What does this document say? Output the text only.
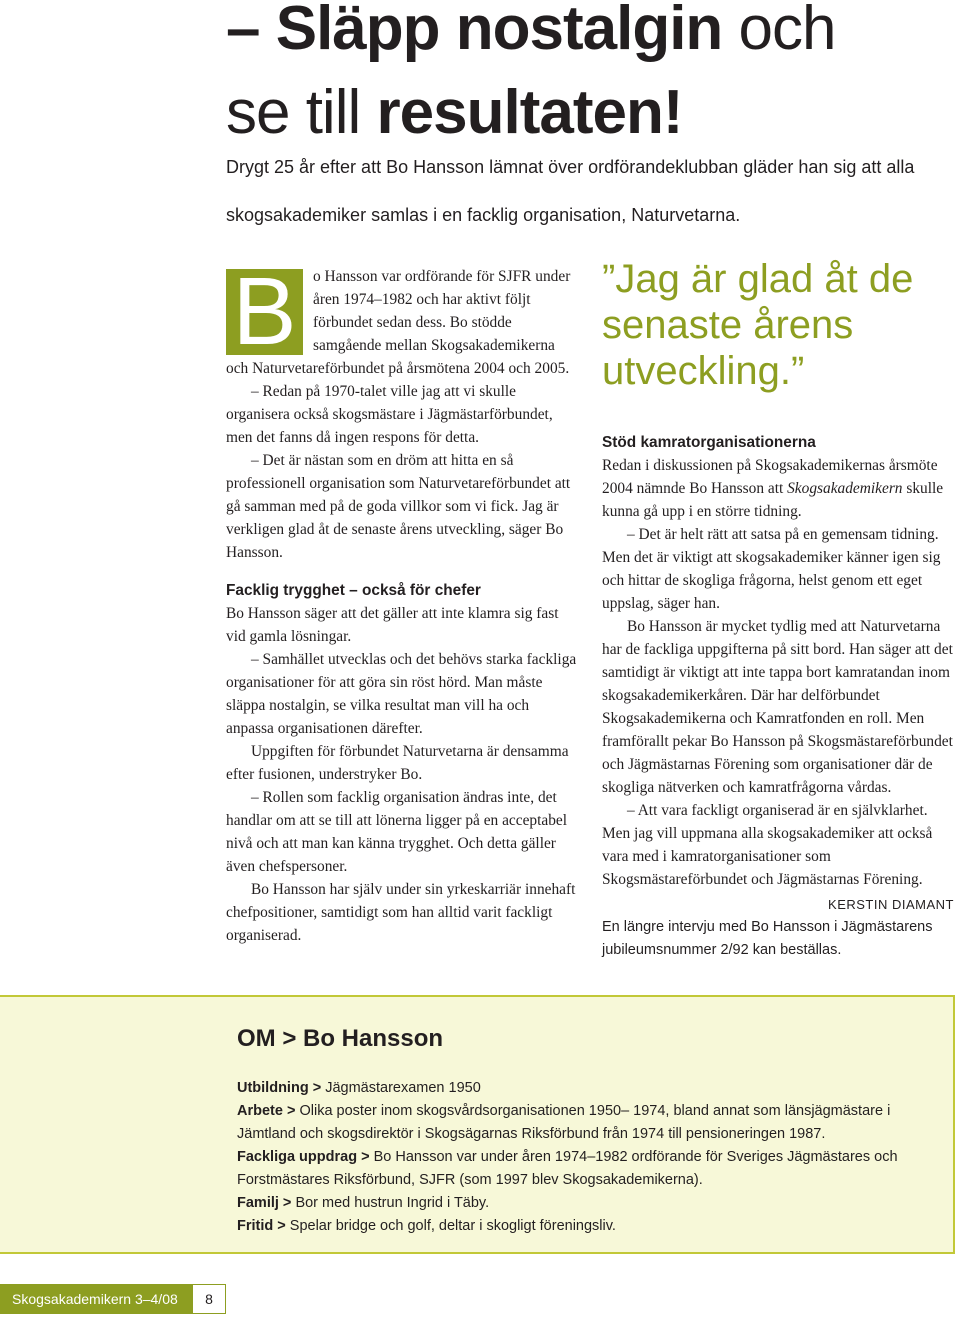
– Släpp nostalgin och
se till resultaten!
Drygt 25 år efter att Bo Hansson lämnat över ordförandeklubban gläder han sig att alla skogsakademiker samlas i en facklig organisation, Naturvetarna.
”Jag är glad åt de senaste årens utveckling.”
B	o Hansson var ordförande för SJFR under åren 1974–1982 och har aktivt följt förbundet sedan dess. Bo stödde samgående mellan Skogsakademikerna och Naturvetareförbundet på årsmötena 2004 och 2005.

– Redan på 1970-talet ville jag att vi skulle organisera också skogsmästare i Jägmästarförbundet, men det fanns då ingen respons för detta.

– Det är nästan som en dröm att hitta en så professionell organisation som Naturvetareförbundet att gå samman med på de goda villkor som vi fick. Jag är verkligen glad åt de senaste årens utveckling, säger Bo Hansson.

Facklig trygghet – också för chefer

Bo Hansson säger att det gäller att inte klamra sig fast vid gamla lösningar.

– Samhället utvecklas och det behövs starka fackliga organisationer för att göra sin röst hörd. Man måste släppa nostalgin, se vilka resultat man vill ha och anpassa organisationen därefter.

Uppgiften för förbundet Naturvetarna är densamma efter fusionen, understryker Bo.

– Rollen som facklig organisation ändras inte, det handlar om att se till att lönerna ligger på en acceptabel nivå och att man kan känna trygghet. Och detta gäller även chefspersoner.

Bo Hansson har själv under sin yrkeskarriär innehaft chefpositioner, samtidigt som han alltid varit fackligt organiserad.

Stöd kamratorganisationerna

Redan i diskussionen på Skogsakademikernas årsmöte 2004 nämnde Bo Hansson att Skogsakademikern skulle kunna gå upp i en större tidning.

– Det är helt rätt att satsa på en gemensam tidning. Men det är viktigt att skogsakademiker känner igen sig och hittar de skogliga frågorna, helst genom ett eget uppslag, säger han.

Bo Hansson är mycket tydlig med att Naturvetarna har de fackliga uppgifterna på sitt bord. Han säger att det samtidigt är viktigt att inte tappa bort kamratandan inom skogsakademikerkåren. Där har delförbundet Skogsakademikerna och Kamratfonden en roll. Men framförallt pekar Bo Hansson på Skogsmästareförbundet och Jägmästarnas Förening som organisationer där de skogliga nätverken och kamratfrågorna vårdas.

– Att vara fackligt organiserad är en självklarhet. Men jag vill uppmana alla skogsakademiker att också vara med i kamratorganisationer som Skogsmästareförbundet och Jägmästarnas Förening.

KERSTIN DIAMANT

En längre intervju med Bo Hansson i Jägmästarens jubileumsnummer 2/92 kan beställas.

OM > Bo Hansson
Utbildning > Jägmästarexamen 1950
Arbete > Olika poster inom skogsvårdsorganisationen 1950– 1974, bland annat som länsjägmästare i Jämtland och skogsdirektör i Skogsägarnas Riksförbund från 1974 till pensioneringen 1987.
Fackliga uppdrag > Bo Hansson var under åren 1974–1982 ordförande för Sveriges Jägmästares och Forstmästares Riksförbund, SJFR (som 1997 blev Skogsakademikerna).
Familj > Bor med hustrun Ingrid i Täby.
Fritid > Spelar bridge och golf, deltar i skogligt föreningsliv.
Skogsakademikern 3–4/08	8
